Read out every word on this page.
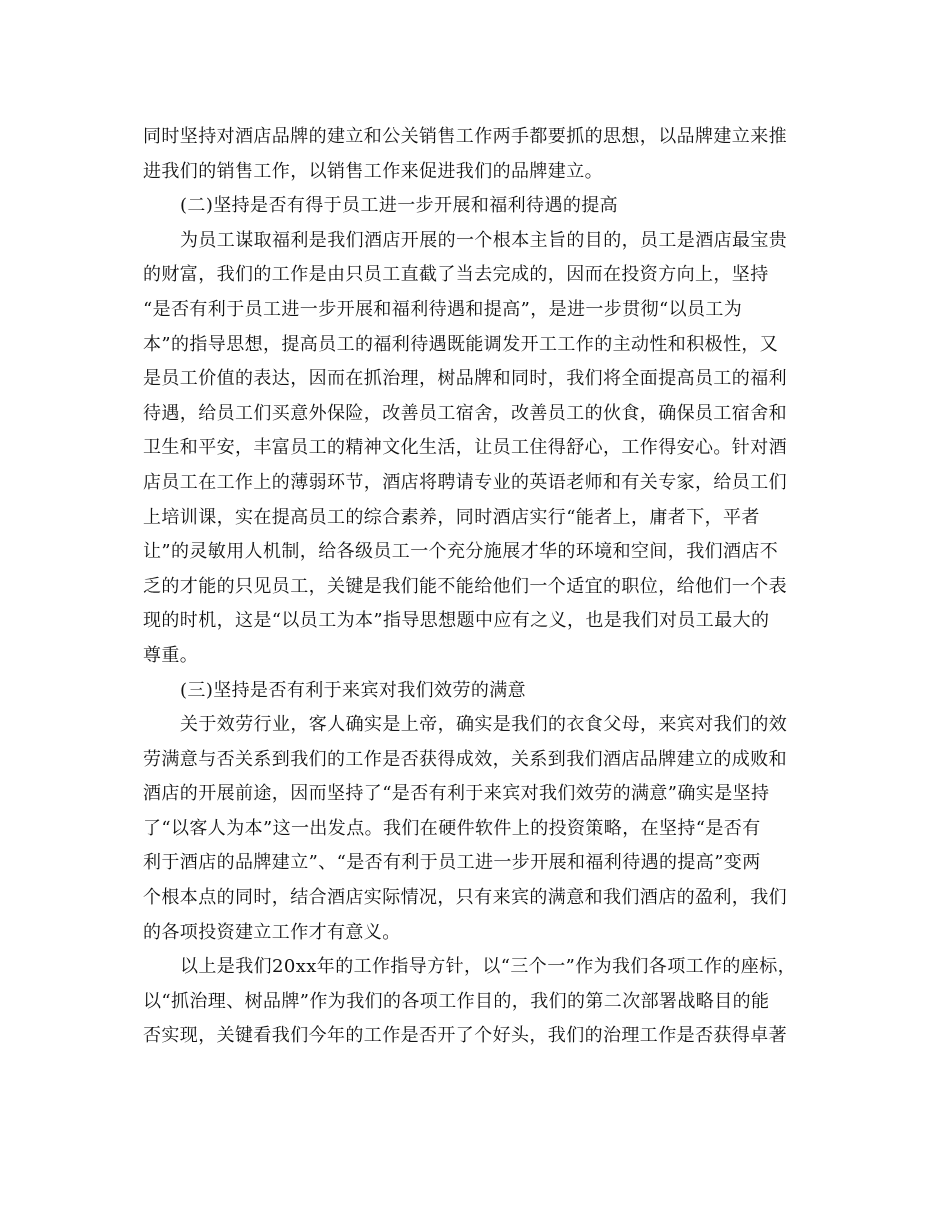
同时坚持对酒店品牌的建立和公关销售工作两手都要抓的思想，以品牌建立来推
进我们的销售工作，以销售工作来促进我们的品牌建立。
(二)坚持是否有得于员工进一步开展和福利待遇的提高
为员工谋取福利是我们酒店开展的一个根本主旨的目的，员工是酒店最宝贵
的财富，我们的工作是由只员工直截了当去完成的，因而在投资方向上，坚持
“是否有利于员工进一步开展和福利待遇和提高”，是进一步贯彻“以员工为
本”的指导思想，提高员工的福利待遇既能调发开工工作的主动性和积极性，又
是员工价值的表达，因而在抓治理，树品牌和同时，我们将全面提高员工的福利
待遇，给员工们买意外保险，改善员工宿舍，改善员工的伙食，确保员工宿舍和
卫生和平安，丰富员工的精神文化生活，让员工住得舒心，工作得安心。针对酒
店员工在工作上的薄弱环节，酒店将聘请专业的英语老师和有关专家，给员工们
上培训课，实在提高员工的综合素养，同时酒店实行“能者上，庸者下，平者
让”的灵敏用人机制，给各级员工一个充分施展才华的环境和空间，我们酒店不
乏的才能的只见员工，关键是我们能不能给他们一个适宜的职位，给他们一个表
现的时机，这是“以员工为本”指导思想题中应有之义，也是我们对员工最大的
尊重。
(三)坚持是否有利于来宾对我们效劳的满意
关于效劳行业，客人确实是上帝，确实是我们的衣食父母，来宾对我们的效
劳满意与否关系到我们的工作是否获得成效，关系到我们酒店品牌建立的成败和
酒店的开展前途，因而坚持了“是否有利于来宾对我们效劳的满意”确实是坚持
了“以客人为本”这一出发点。我们在硬件软件上的投资策略，在坚持“是否有
利于酒店的品牌建立”、“是否有利于员工进一步开展和福利待遇的提高”变两
个根本点的同时，结合酒店实际情况，只有来宾的满意和我们酒店的盈利，我们
的各项投资建立工作才有意义。
以上是我们20xx年的工作指导方针，以“三个一”作为我们各项工作的座标，
以“抓治理、树品牌”作为我们的各项工作目的，我们的第二次部署战略目的能
否实现，关键看我们今年的工作是否开了个好头，我们的治理工作是否获得卓著
